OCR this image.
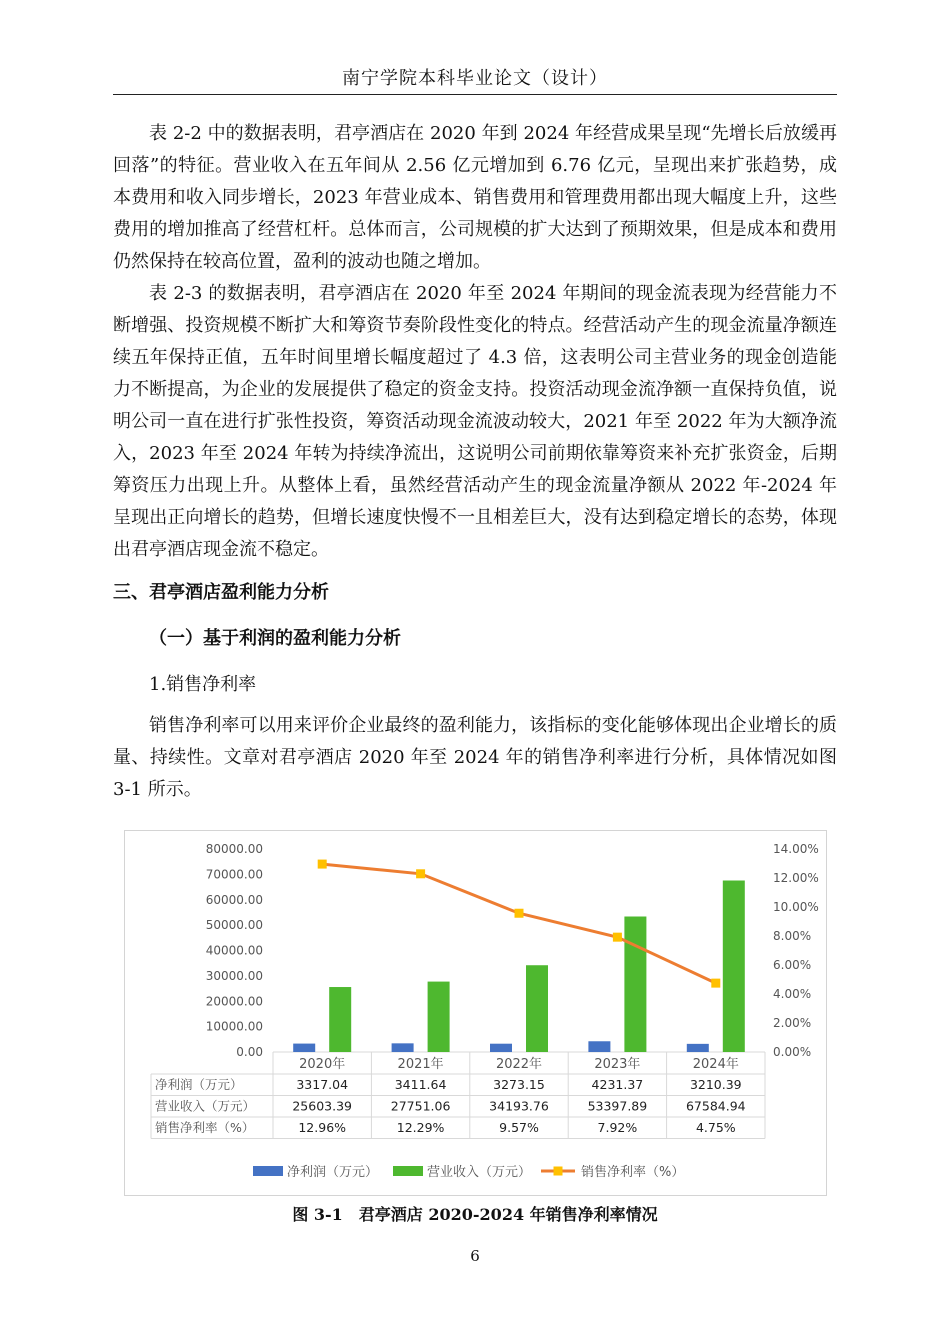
南宁学院本科毕业论文（设计）

表 2-2 中的数据表明，君亭酒店在 2020 年到 2024 年经营成果呈现“先增长后放缓再回落”的特征。营业收入在五年间从 2.56 亿元增加到 6.76 亿元，呈现出来扩张趋势，成本费用和收入同步增长，2023 年营业成本、销售费用和管理费用都出现大幅度上升，这些费用的增加推高了经营杠杆。总体而言，公司规模的扩大达到了预期效果，但是成本和费用仍然保持在较高位置，盈利的波动也随之增加。

表 2-3 的数据表明，君亭酒店在 2020 年至 2024 年期间的现金流表现为经营能力不断增强、投资规模不断扩大和筹资节奏阶段性变化的特点。经营活动产生的现金流量净额连续五年保持正值，五年时间里增长幅度超过了 4.3 倍，这表明公司主营业务的现金创造能力不断提高，为企业的发展提供了稳定的资金支持。投资活动现金流净额一直保持负值，说明公司一直在进行扩张性投资，筹资活动现金流波动较大，2021 年至 2022 年为大额净流入，2023 年至 2024 年转为持续净流出，这说明公司前期依靠筹资来补充扩张资金，后期筹资压力出现上升。从整体上看，虽然经营活动产生的现金流量净额从 2022 年-2024 年呈现出正向增长的趋势，但增长速度快慢不一且相差巨大，没有达到稳定增长的态势，体现出君亭酒店现金流不稳定。

三、君亭酒店盈利能力分析

（一）基于利润的盈利能力分析

1.销售净利率

销售净利率可以用来评价企业最终的盈利能力，该指标的变化能够体现出企业增长的质量、持续性。文章对君亭酒店 2020 年至 2024 年的销售净利率进行分析，具体情况如图 3-1 所示。

0.00
10000.00
20000.00
30000.00
40000.00
50000.00
60000.00
70000.00
80000.00
0.00%
2.00%
4.00%
6.00%
8.00%
10.00%
12.00%
14.00%
2020年	2021年	2022年	2023年	2024年
净利润（万元）	3317.04	3411.64	3273.15	4231.37	3210.39
营业收入（万元）	25603.39	27751.06	34193.76	53397.89	67584.94
销售净利率（%）	12.96%	12.29%	9.57%	7.92%	4.75%
净利润（万元）	营业收入（万元）	销售净利率（%）
图 3-1　君亭酒店 2020-2024 年销售净利率情况
6
